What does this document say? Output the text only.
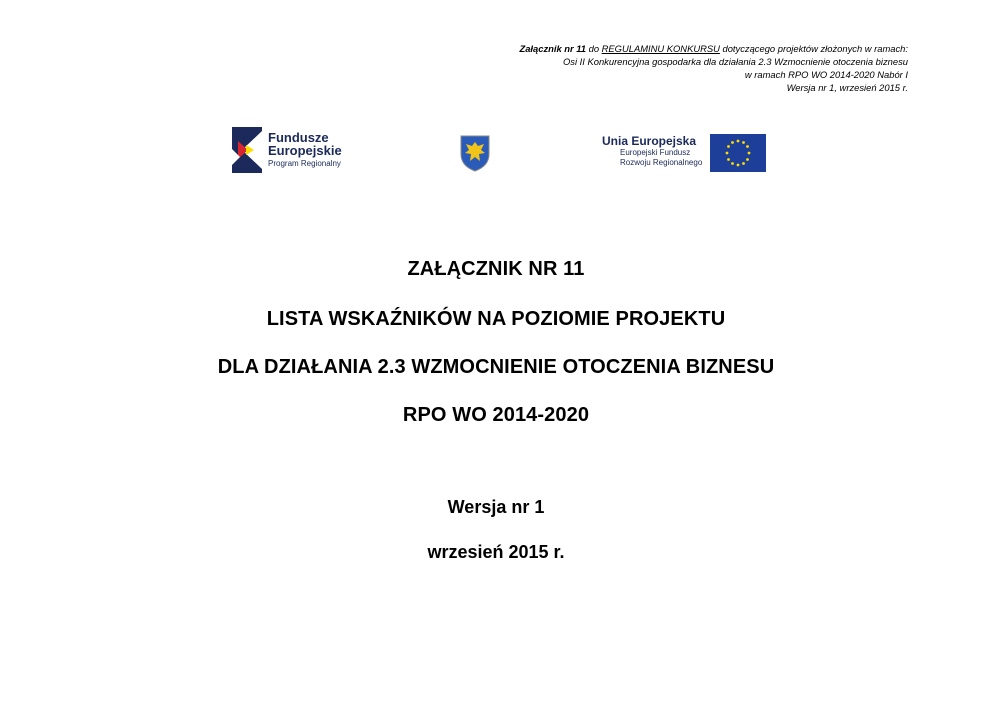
Załącznik nr 11 do REGULAMINU KONKURSU dotyczącego projektów złożonych w ramach:
Osi II Konkurencyjna gospodarka dla działania 2.3 Wzmocnienie otoczenia biznesu
w ramach RPO WO 2014-2020 Nabór I
Wersja nr 1, wrzesień 2015 r.
Fundusze
Europejskie
Program Regionalny
Unia Europejska
Europejski Fundusz
Rozwoju Regionalnego
ZAŁĄCZNIK NR 11
LISTA WSKAŹNIKÓW NA POZIOMIE PROJEKTU
DLA DZIAŁANIA 2.3 WZMOCNIENIE OTOCZENIA BIZNESU
RPO WO 2014-2020
Wersja nr 1
wrzesień 2015 r.
